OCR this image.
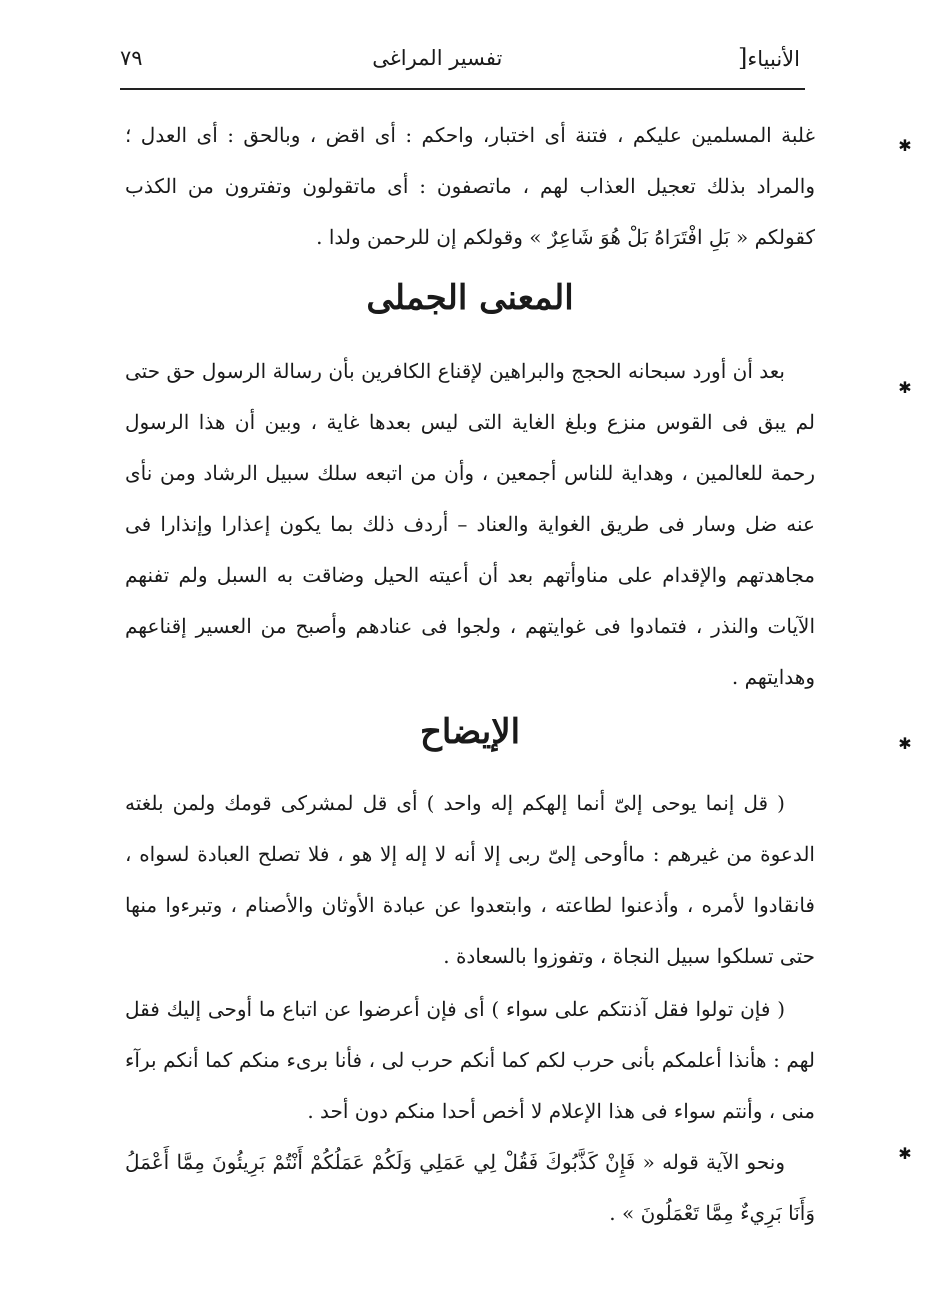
الأنبياء[
تفسير المراغى
٧٩

غلبة المسلمين عليكم ، فتنة أى اختبار، واحكم : أى اقض ، وبالحق : أى العدل ؛ والمراد بذلك تعجيل العذاب لهم ، ماتصفون : أى ماتقولون وتفترون من الكذب كقولكم « بَلِ افْتَرَاهُ بَلْ هُوَ شَاعِرٌ » وقولكم إن للرحمن ولدا .

المعنى الجملى

بعد أن أورد سبحانه الحجج والبراهين لإقناع الكافرين بأن رسالة الرسول حق حتى لم يبق فى القوس منزع وبلغ الغاية التى ليس بعدها غاية ، وبين أن هذا الرسول رحمة للعالمين ، وهداية للناس أجمعين ، وأن من اتبعه سلك سبيل الرشاد ومن نأى عنه ضل وسار فى طريق الغواية والعناد – أردف ذلك بما يكون إعذارا وإنذارا فى مجاهدتهم والإقدام على مناوأتهم بعد أن أعيته الحيل وضاقت به السبل ولم تفنهم الآيات والنذر ، فتمادوا فى غوايتهم ، ولجوا فى عنادهم وأصبح من العسير إقناعهم وهدايتهم .

الإيضاح

( قل إنما يوحى إلىّ أنما إلهكم إله واحد ) أى قل لمشركى قومك ولمن بلغته الدعوة من غيرهم : ماأوحى إلىّ ربى إلا أنه لا إله إلا هو ، فلا تصلح العبادة لسواه ، فانقادوا لأمره ، وأذعنوا لطاعته ، وابتعدوا عن عبادة الأوثان والأصنام ، وتبرءوا منها حتى تسلكوا سبيل النجاة ، وتفوزوا بالسعادة .

( فإن تولوا فقل آذنتكم على سواء ) أى فإن أعرضوا عن اتباع ما أوحى إليك فقل لهم : هأنذا أعلمكم بأنى حرب لكم كما أنكم حرب لى ، فأنا برىء منكم كما أنكم برآء منى ، وأنتم سواء فى هذا الإعلام لا أخص أحدا منكم دون أحد .

ونحو الآية قوله « فَإِنْ كَذَّبُوكَ فَقُلْ لِي عَمَلِي وَلَكُمْ عَمَلُكُمْ أَنْتُمْ بَرِيئُونَ مِمَّا أَعْمَلُ وَأَنَا بَرِيءٌ مِمَّا تَعْمَلُونَ » .

✱
✱
✱
✱
